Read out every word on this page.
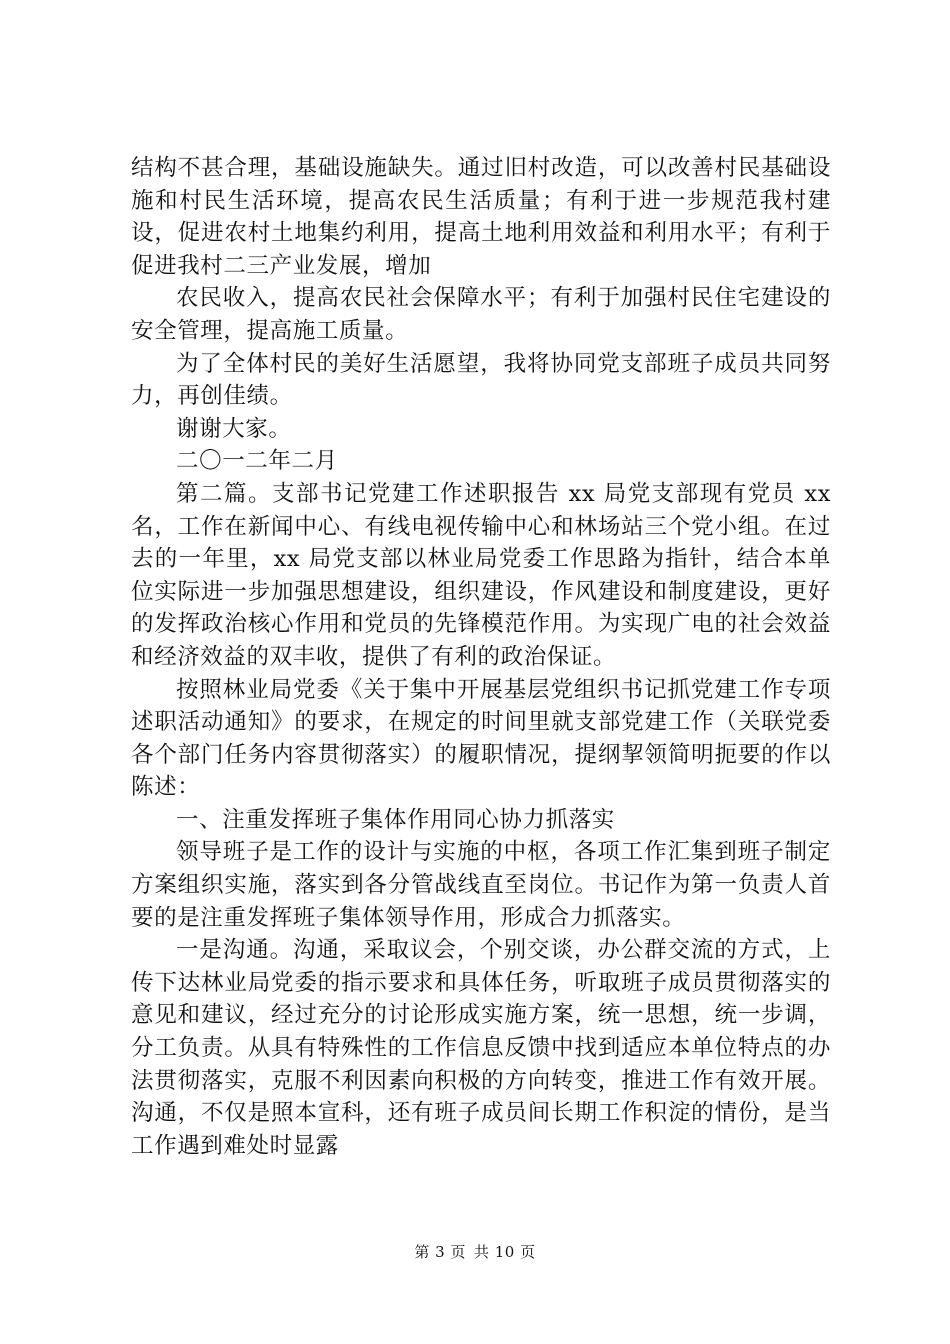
结构不甚合理，基础设施缺失。通过旧村改造，可以改善村民基础设施和村民生活环境，提高农民生活质量；有利于进一步规范我村建设，促进农村土地集约利用，提高土地利用效益和利用水平；有利于促进我村二三产业发展，增加

农民收入，提高农民社会保障水平；有利于加强村民住宅建设的安全管理，提高施工质量。

为了全体村民的美好生活愿望，我将协同党支部班子成员共同努力，再创佳绩。

谢谢大家。

二〇一二年二月

第二篇。支部书记党建工作述职报告 xx 局党支部现有党员 xx 名，工作在新闻中心、有线电视传输中心和林场站三个党小组。在过去的一年里，xx 局党支部以林业局党委工作思路为指针，结合本单位实际进一步加强思想建设，组织建设，作风建设和制度建设，更好的发挥政治核心作用和党员的先锋模范作用。为实现广电的社会效益和经济效益的双丰收，提供了有利的政治保证。

按照林业局党委《关于集中开展基层党组织书记抓党建工作专项述职活动通知》的要求，在规定的时间里就支部党建工作（关联党委各个部门任务内容贯彻落实）的履职情况，提纲挈领简明扼要的作以陈述：

一、注重发挥班子集体作用同心协力抓落实

领导班子是工作的设计与实施的中枢，各项工作汇集到班子制定方案组织实施，落实到各分管战线直至岗位。书记作为第一负责人首要的是注重发挥班子集体领导作用，形成合力抓落实。

一是沟通。沟通，采取议会，个别交谈，办公群交流的方式，上传下达林业局党委的指示要求和具体任务，听取班子成员贯彻落实的意见和建议，经过充分的讨论形成实施方案，统一思想，统一步调，分工负责。从具有特殊性的工作信息反馈中找到适应本单位特点的办法贯彻落实，克服不利因素向积极的方向转变，推进工作有效开展。沟通，不仅是照本宣科，还有班子成员间长期工作积淀的情份，是当工作遇到难处时显露

第 3 页 共 10 页
